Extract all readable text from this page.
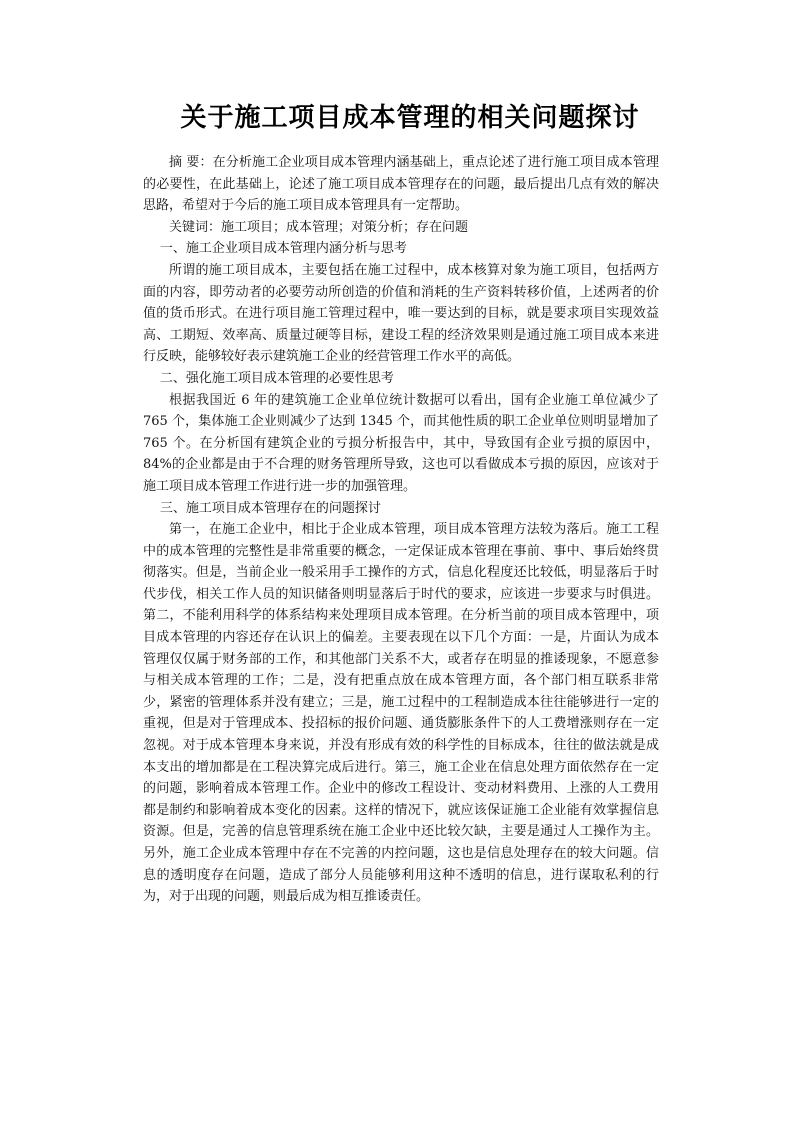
关于施工项目成本管理的相关问题探讨

摘 要：在分析施工企业项目成本管理内涵基础上，重点论述了进行施工项目成本管理的必要性，在此基础上，论述了施工项目成本管理存在的问题，最后提出几点有效的解决思路，希望对于今后的施工项目成本管理具有一定帮助。

关键词：施工项目；成本管理；对策分析；存在问题

一、施工企业项目成本管理内涵分析与思考

所谓的施工项目成本，主要包括在施工过程中，成本核算对象为施工项目，包括两方面的内容，即劳动者的必要劳动所创造的价值和消耗的生产资料转移价值，上述两者的价值的货币形式。在进行项目施工管理过程中，唯一要达到的目标，就是要求项目实现效益高、工期短、效率高、质量过硬等目标，建设工程的经济效果则是通过施工项目成本来进行反映，能够较好表示建筑施工企业的经营管理工作水平的高低。

二、强化施工项目成本管理的必要性思考

根据我国近 6 年的建筑施工企业单位统计数据可以看出，国有企业施工单位减少了 765 个，集体施工企业则减少了达到 1345 个，而其他性质的职工企业单位则明显增加了 765 个。在分析国有建筑企业的亏损分析报告中，其中，导致国有企业亏损的原因中，84%的企业都是由于不合理的财务管理所导致，这也可以看做成本亏损的原因，应该对于施工项目成本管理工作进行进一步的加强管理。

三、施工项目成本管理存在的问题探讨

第一，在施工企业中，相比于企业成本管理，项目成本管理方法较为落后。施工工程中的成本管理的完整性是非常重要的概念，一定保证成本管理在事前、事中、事后始终贯彻落实。但是，当前企业一般采用手工操作的方式，信息化程度还比较低，明显落后于时代步伐，相关工作人员的知识储备则明显落后于时代的要求，应该进一步要求与时俱进。第二，不能利用科学的体系结构来处理项目成本管理。在分析当前的项目成本管理中，项目成本管理的内容还存在认识上的偏差。主要表现在以下几个方面：一是，片面认为成本管理仅仅属于财务部的工作，和其他部门关系不大，或者存在明显的推诿现象，不愿意参与相关成本管理的工作；二是，没有把重点放在成本管理方面，各个部门相互联系非常少，紧密的管理体系并没有建立；三是，施工过程中的工程制造成本往往能够进行一定的重视，但是对于管理成本、投招标的报价问题、通货膨胀条件下的人工费增涨则存在一定忽视。对于成本管理本身来说，并没有形成有效的科学性的目标成本，往往的做法就是成本支出的增加都是在工程决算完成后进行。第三，施工企业在信息处理方面依然存在一定的问题，影响着成本管理工作。企业中的修改工程设计、变动材料费用、上涨的人工费用都是制约和影响着成本变化的因素。这样的情况下，就应该保证施工企业能有效掌握信息资源。但是，完善的信息管理系统在施工企业中还比较欠缺，主要是通过人工操作为主。另外，施工企业成本管理中存在不完善的内控问题，这也是信息处理存在的较大问题。信息的透明度存在问题，造成了部分人员能够利用这种不透明的信息，进行谋取私利的行为，对于出现的问题，则最后成为相互推诿责任。
